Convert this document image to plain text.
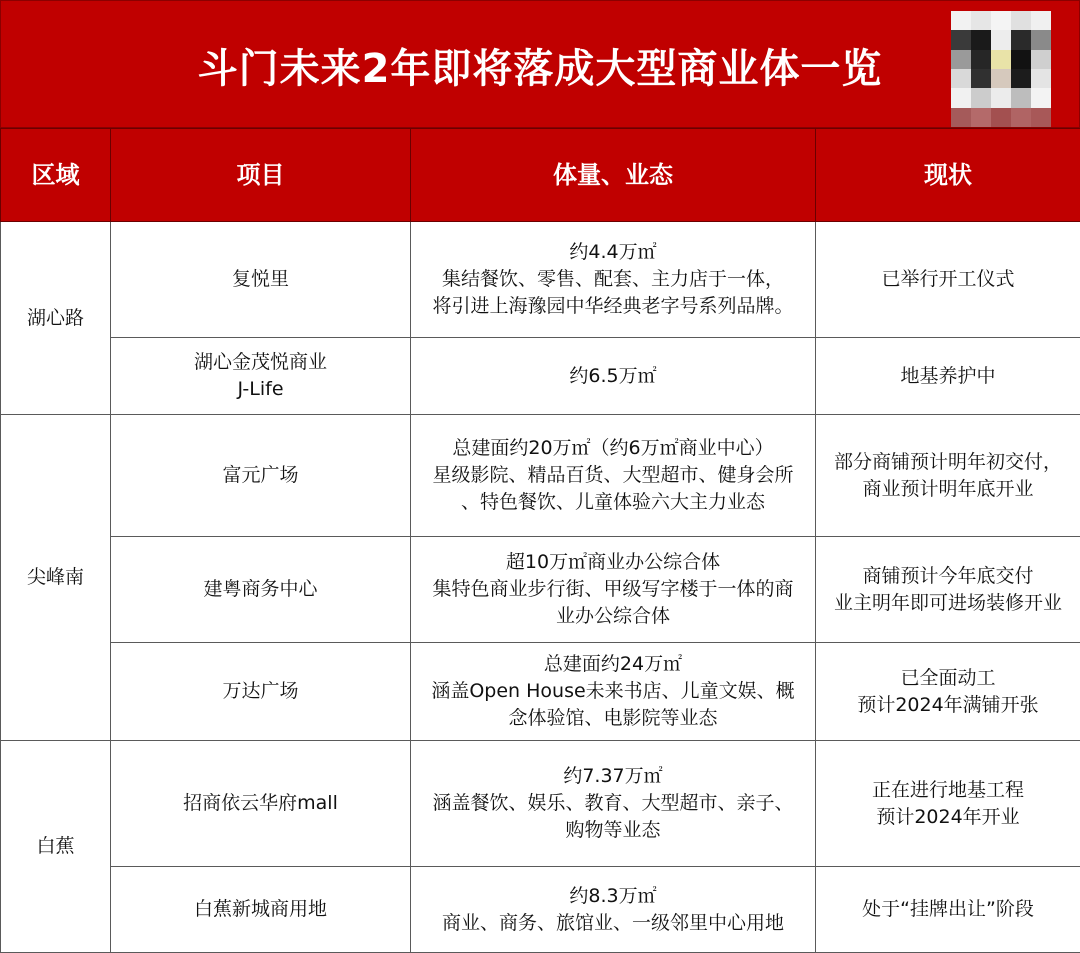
斗门未来2年即将落成大型商业体一览
区域	项目	体量、业态	现状
湖心路	复悦里	约4.4万㎡
集结餐饮、零售、配套、主力店于一体，
将引进上海豫园中华经典老字号系列品牌。	已举行开工仪式

	湖心金茂悦商业
J-Life	约6.5万㎡	地基养护中

尖峰南	富元广场	总建面约20万㎡（约6万㎡商业中心）
星级影院、精品百货、大型超市、健身会所
、特色餐饮、儿童体验六大主力业态	部分商铺预计明年初交付，
商业预计明年底开业

	建粤商务中心	超10万㎡商业办公综合体
集特色商业步行街、甲级写字楼于一体的商
业办公综合体	商铺预计今年底交付
业主明年即可进场装修开业

	万达广场	总建面约24万㎡
涵盖Open House未来书店、儿童文娱、概
念体验馆、电影院等业态	已全面动工
预计2024年满铺开张

白蕉	招商依云华府mall	约7.37万㎡
涵盖餐饮、娱乐、教育、大型超市、亲子、
购物等业态	正在进行地基工程
预计2024年开业

	白蕉新城商用地	约8.3万㎡
商业、商务、旅馆业、一级邻里中心用地	处于“挂牌出让”阶段
